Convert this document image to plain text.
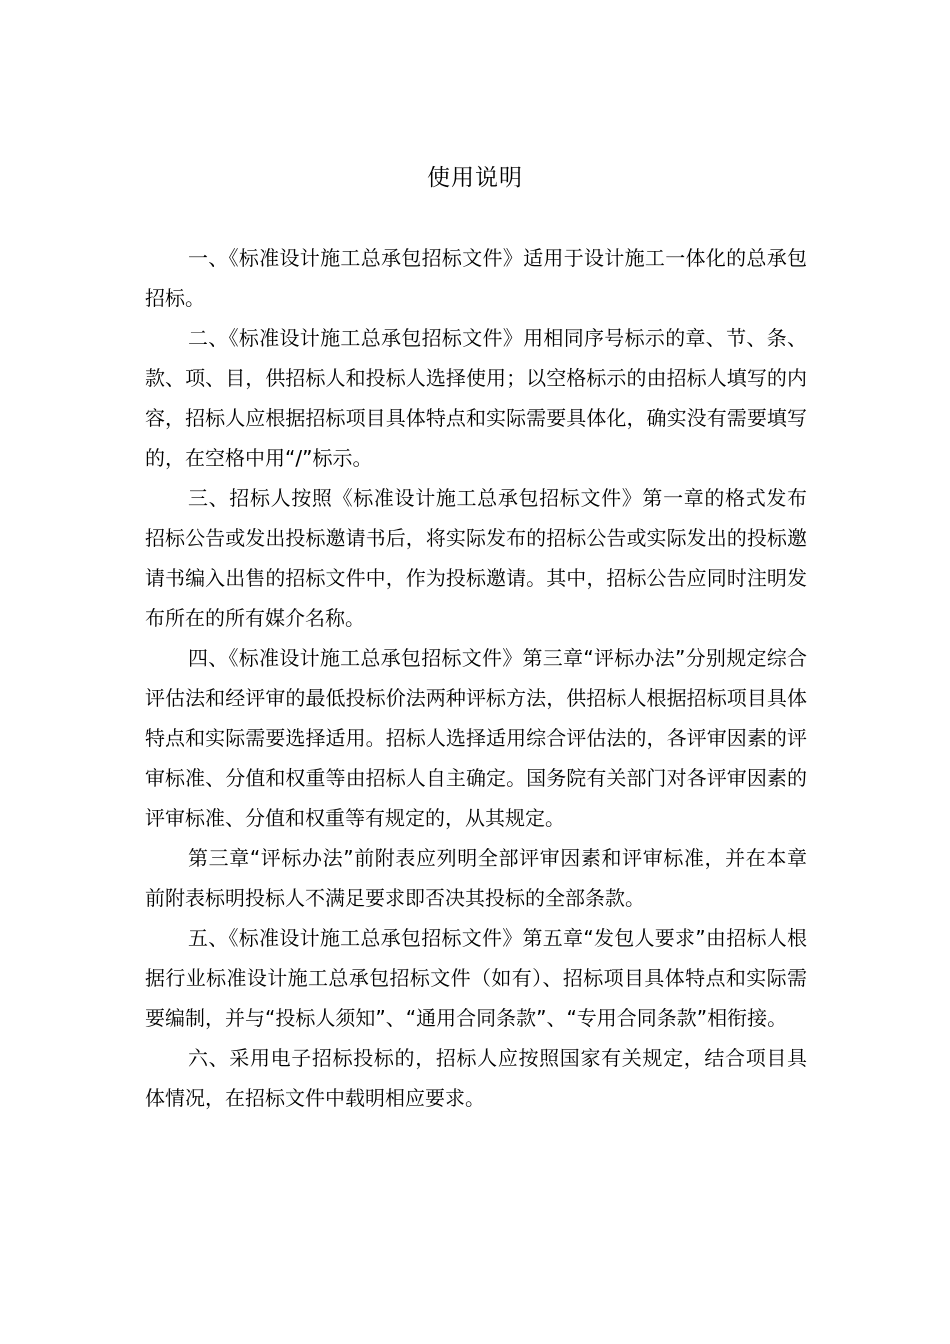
使用说明

一、《标准设计施工总承包招标文件》适用于设计施工一体化的总承包招标。

二、《标准设计施工总承包招标文件》用相同序号标示的章、节、条、款、项、目，供招标人和投标人选择使用；以空格标示的由招标人填写的内容，招标人应根据招标项目具体特点和实际需要具体化，确实没有需要填写的，在空格中用“/”标示。

三、招标人按照《标准设计施工总承包招标文件》第一章的格式发布招标公告或发出投标邀请书后，将实际发布的招标公告或实际发出的投标邀请书编入出售的招标文件中，作为投标邀请。其中，招标公告应同时注明发布所在的所有媒介名称。

四、《标准设计施工总承包招标文件》第三章“评标办法”分别规定综合评估法和经评审的最低投标价法两种评标方法，供招标人根据招标项目具体特点和实际需要选择适用。招标人选择适用综合评估法的，各评审因素的评审标准、分值和权重等由招标人自主确定。国务院有关部门对各评审因素的评审标准、分值和权重等有规定的，从其规定。

第三章“评标办法”前附表应列明全部评审因素和评审标准，并在本章前附表标明投标人不满足要求即否决其投标的全部条款。

五、《标准设计施工总承包招标文件》第五章“发包人要求”由招标人根据行业标准设计施工总承包招标文件（如有）、招标项目具体特点和实际需要编制，并与“投标人须知”、“通用合同条款”、“专用合同条款”相衔接。

六、采用电子招标投标的，招标人应按照国家有关规定，结合项目具体情况，在招标文件中载明相应要求。
